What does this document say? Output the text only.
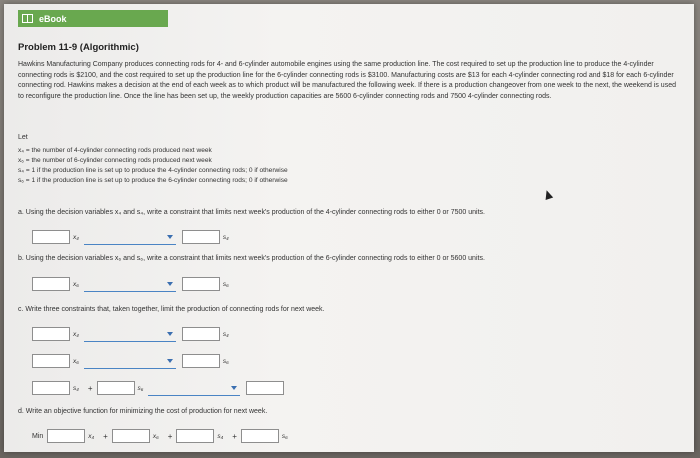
eBook
Problem 11-9 (Algorithmic)
Hawkins Manufacturing Company produces connecting rods for 4- and 6-cylinder automobile engines using the same production line. The cost required to set up the production line to produce the 4-cylinder connecting rods is $2100, and the cost required to set up the production line for the 6-cylinder connecting rods is $3100. Manufacturing costs are $13 for each 4-cylinder connecting rod and $18 for each 6-cylinder connecting rod. Hawkins makes a decision at the end of each week as to which product will be manufactured the following week. If there is a production changeover from one week to the next, the weekend is used to reconfigure the production line. Once the line has been set up, the weekly production capacities are 5600 6-cylinder connecting rods and 7500 4-cylinder connecting rods.
Let
x₄ = the number of 4-cylinder connecting rods produced next week
x₆ = the number of 6-cylinder connecting rods produced next week
s₄ = 1 if the production line is set up to produce the 4-cylinder connecting rods; 0 if otherwise
s₆ = 1 if the production line is set up to produce the 6-cylinder connecting rods; 0 if otherwise
a. Using the decision variables x₄ and s₄, write a constraint that limits next week's production of the 4-cylinder connecting rods to either 0 or 7500 units.
x₄	s₄
b. Using the decision variables x₆ and s₆, write a constraint that limits next week's production of the 6-cylinder connecting rods to either 0 or 5600 units.
x₆	s₆
c. Write three constraints that, taken together, limit the production of connecting rods for next week.
x₄	s₄
x₆	s₆
s₄ +	s₆
d. Write an objective function for minimizing the cost of production for next week.
Min	x₄ +	x₆ +	s₄ +	s₆
